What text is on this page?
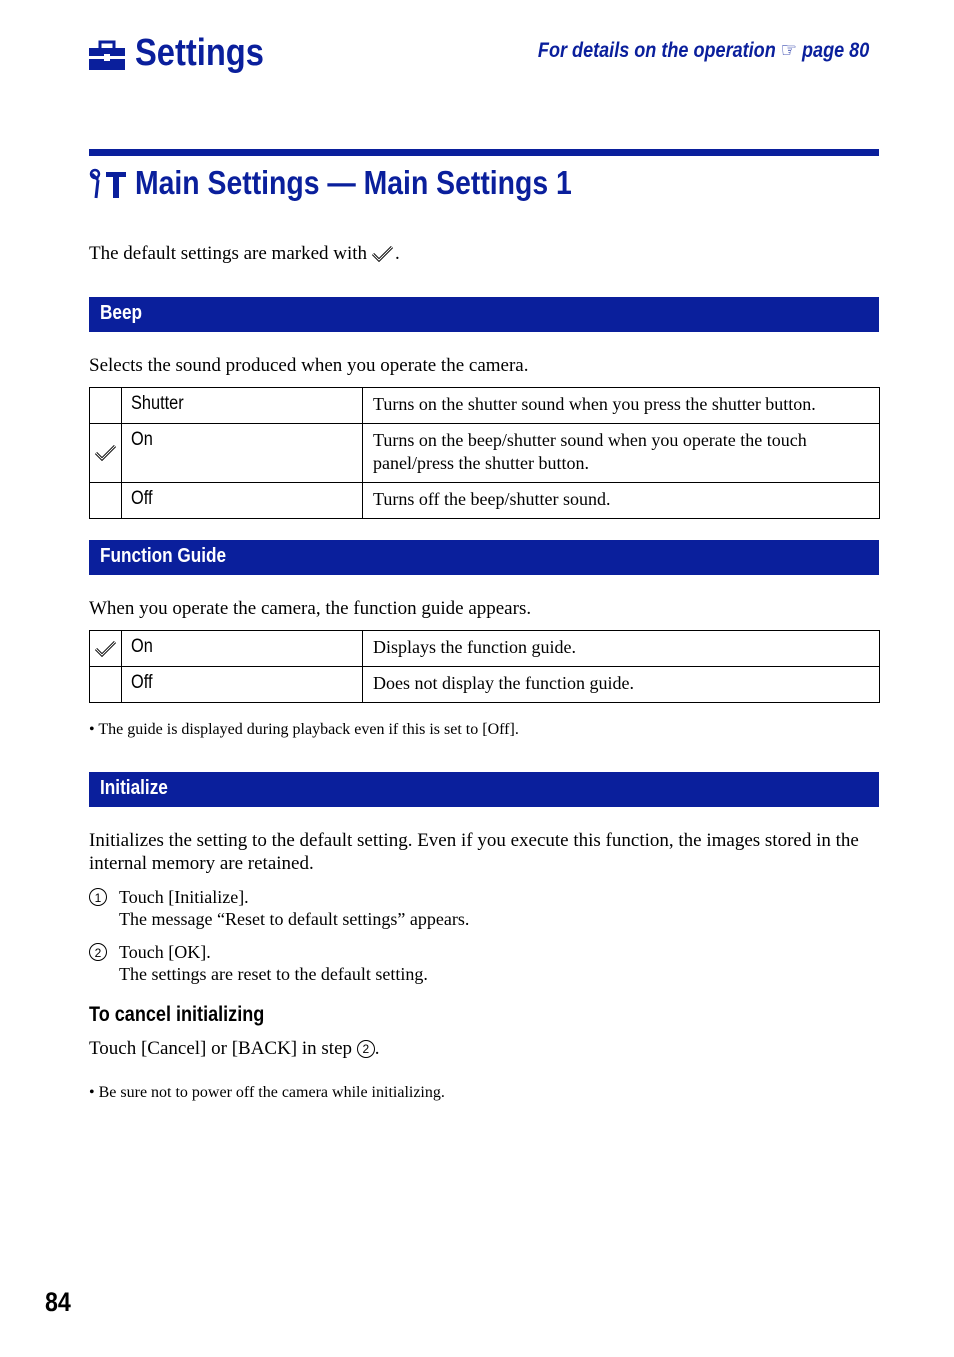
Settings	For details on the operation ☞ page 80
Main Settings — Main Settings 1
The default settings are marked with .
Beep
Selects the sound produced when you operate the camera.
	Shutter	Turns on the shutter sound when you press the shutter button.

	On	Turns on the beep/shutter sound when you operate the touch panel/press the shutter button.
	Off	Turns off the beep/shutter sound.
Function Guide
When you operate the camera, the function guide appears.
	On	Displays the function guide.
	Off	Does not display the function guide.
• The guide is displayed during playback even if this is set to [Off].
Initialize
Initializes the setting to the default setting. Even if you execute this function, the images stored in the internal memory are retained.
1 Touch [Initialize].
The message “Reset to default settings” appears.
2 Touch [OK].
The settings are reset to the default setting.
To cancel initializing
Touch [Cancel] or [BACK] in step 2 .
• Be sure not to power off the camera while initializing.
84
